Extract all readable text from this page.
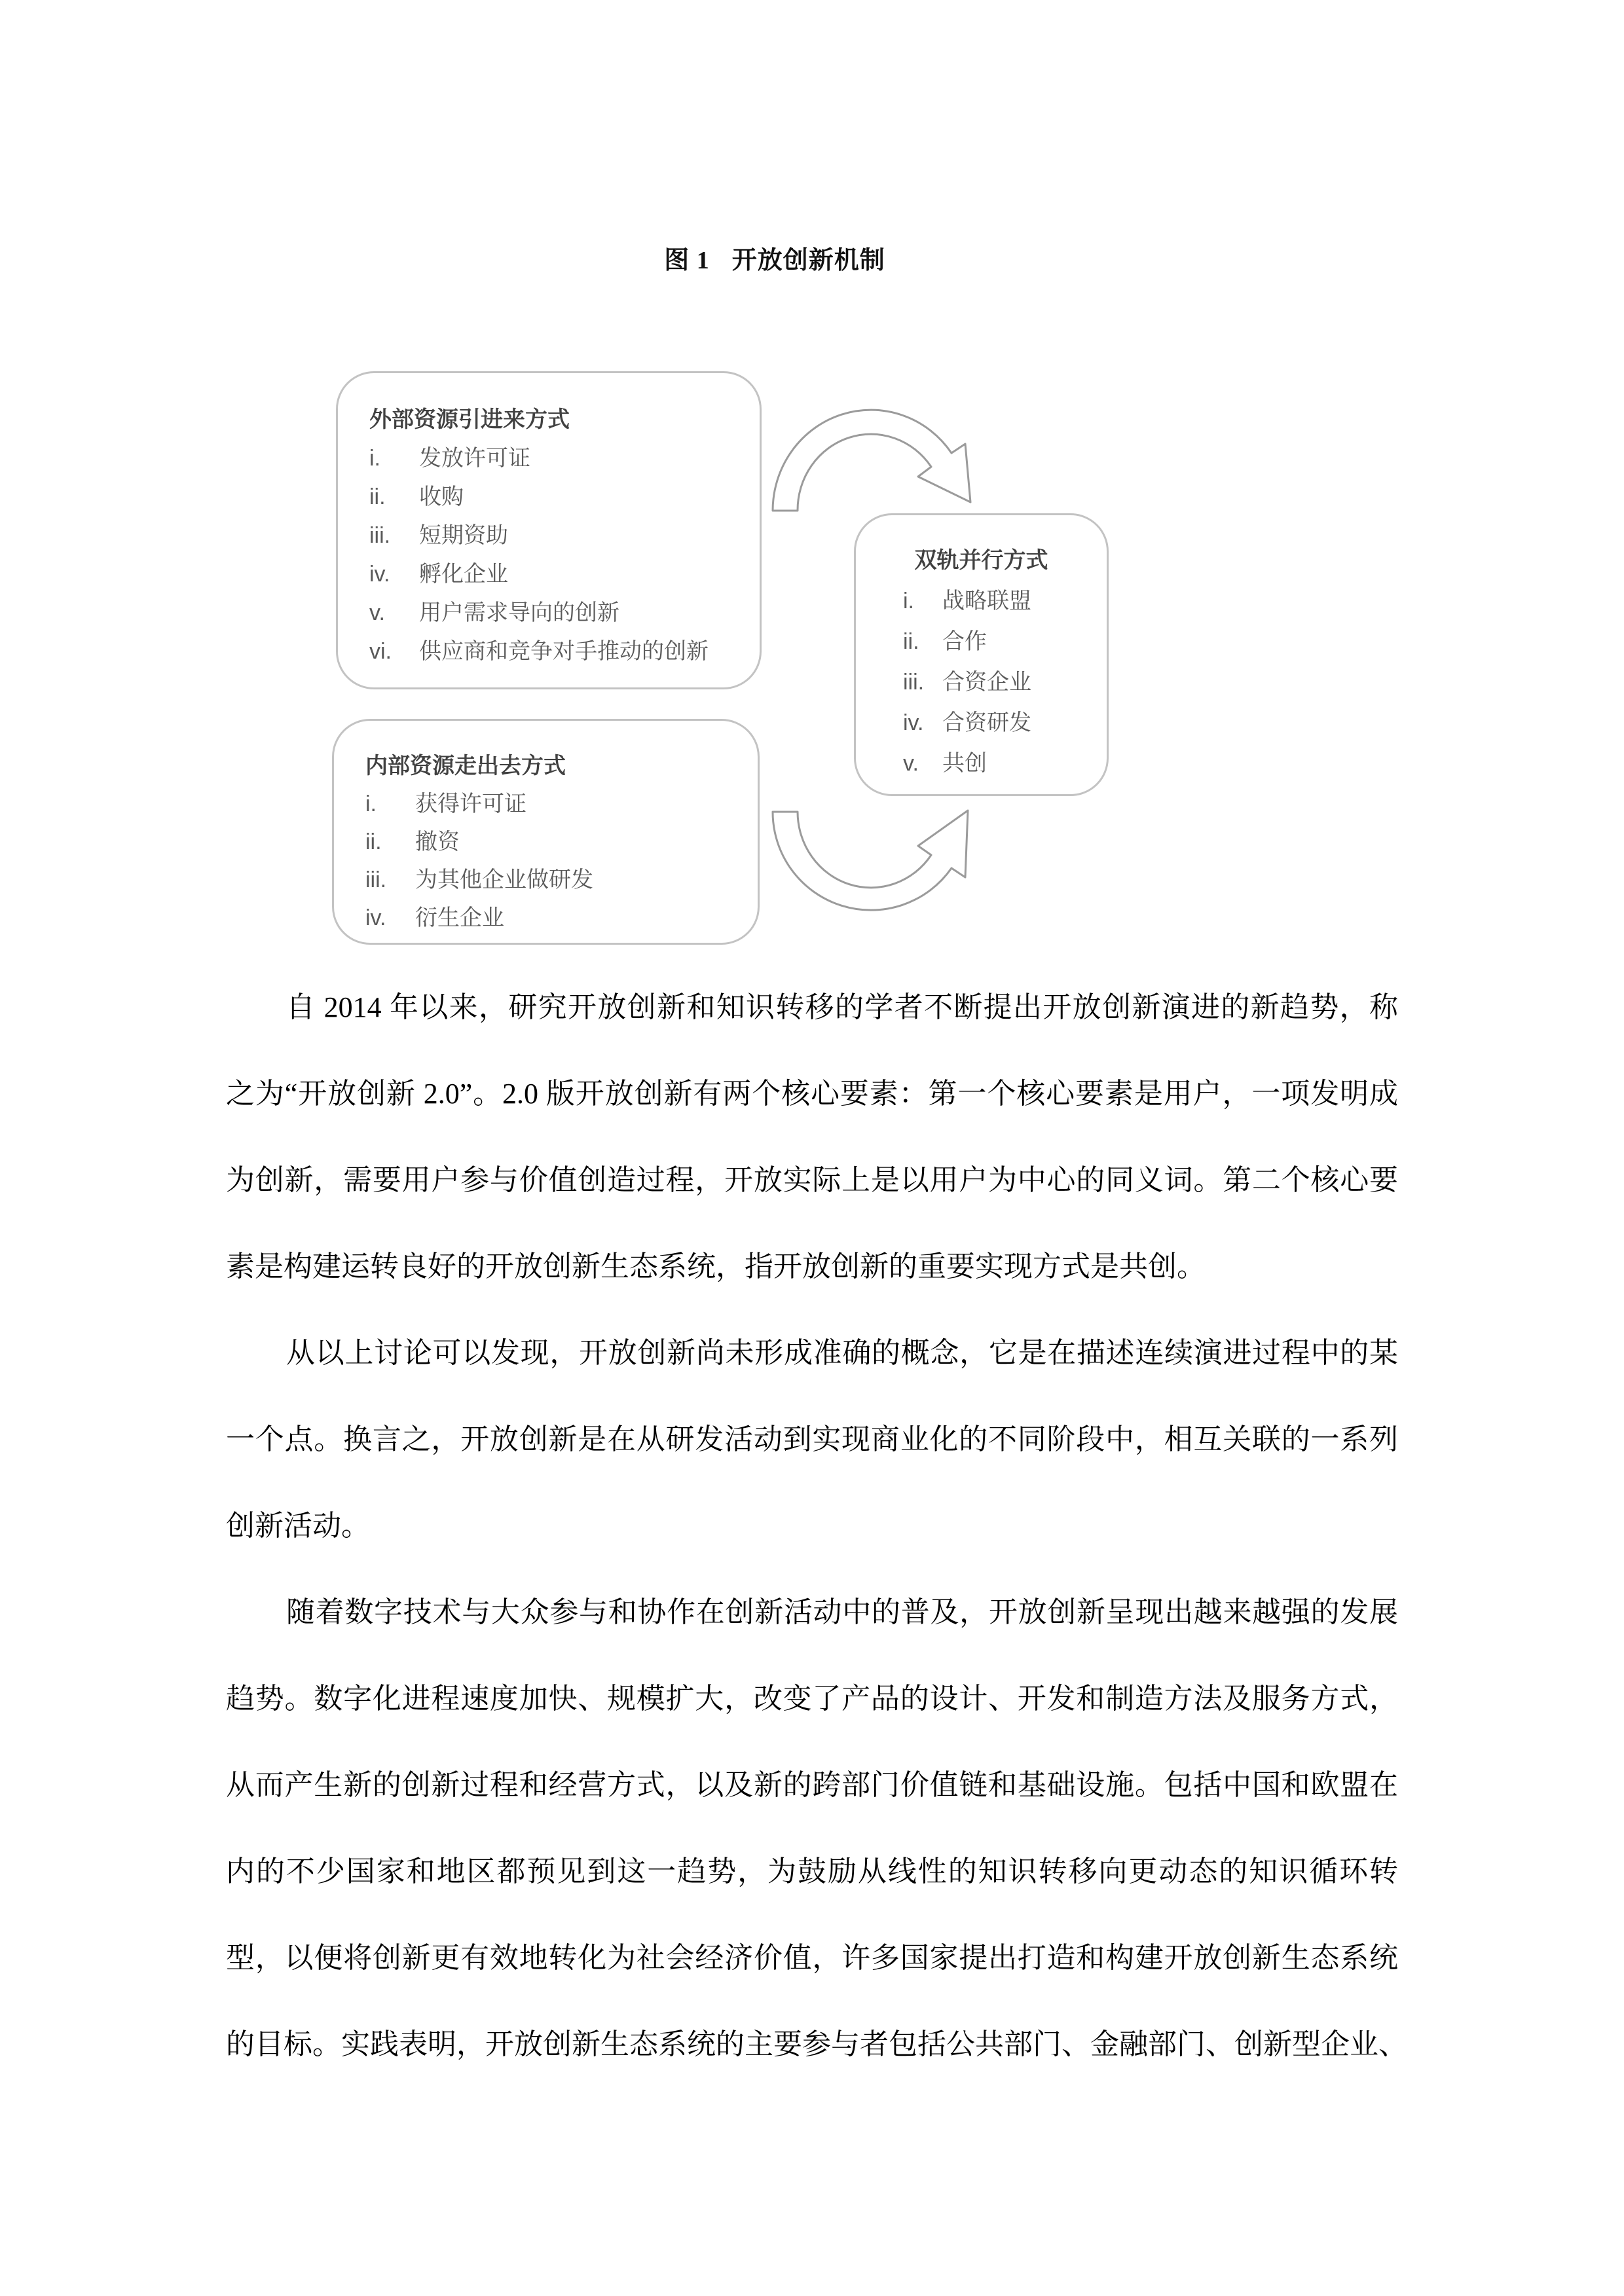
图 1 开放创新机制
外部资源引进来方式
i.	发放许可证
ii.	收购
iii.	短期资助
iv.	孵化企业
v.	用户需求导向的创新
vi.	供应商和竞争对手推动的创新
内部资源走出去方式
i.	获得许可证
ii.	撤资
iii.	为其他企业做研发
iv.	衍生企业
双轨并行方式
i.	战略联盟
ii.	合作
iii. 合资企业
iv. 合资研发
v.	共创
自 2014 年以来，研究开放创新和知识转移的学者不断提出开放创新演进的新趋势，称
之为“开放创新 2.0”。2.0 版开放创新有两个核心要素：第一个核心要素是用户，一项发明成
为创新，需要用户参与价值创造过程，开放实际上是以用户为中心的同义词。第二个核心要
素是构建运转良好的开放创新生态系统，指开放创新的重要实现方式是共创。
从以上讨论可以发现，开放创新尚未形成准确的概念，它是在描述连续演进过程中的某
一个点。换言之，开放创新是在从研发活动到实现商业化的不同阶段中，相互关联的一系列
创新活动。
随着数字技术与大众参与和协作在创新活动中的普及，开放创新呈现出越来越强的发展
趋势。数字化进程速度加快、规模扩大，改变了产品的设计、开发和制造方法及服务方式，
从而产生新的创新过程和经营方式，以及新的跨部门价值链和基础设施。包括中国和欧盟在
内的不少国家和地区都预见到这一趋势，为鼓励从线性的知识转移向更动态的知识循环转
型，以便将创新更有效地转化为社会经济价值，许多国家提出打造和构建开放创新生态系统
的目标。实践表明，开放创新生态系统的主要参与者包括公共部门、金融部门、创新型企业、
